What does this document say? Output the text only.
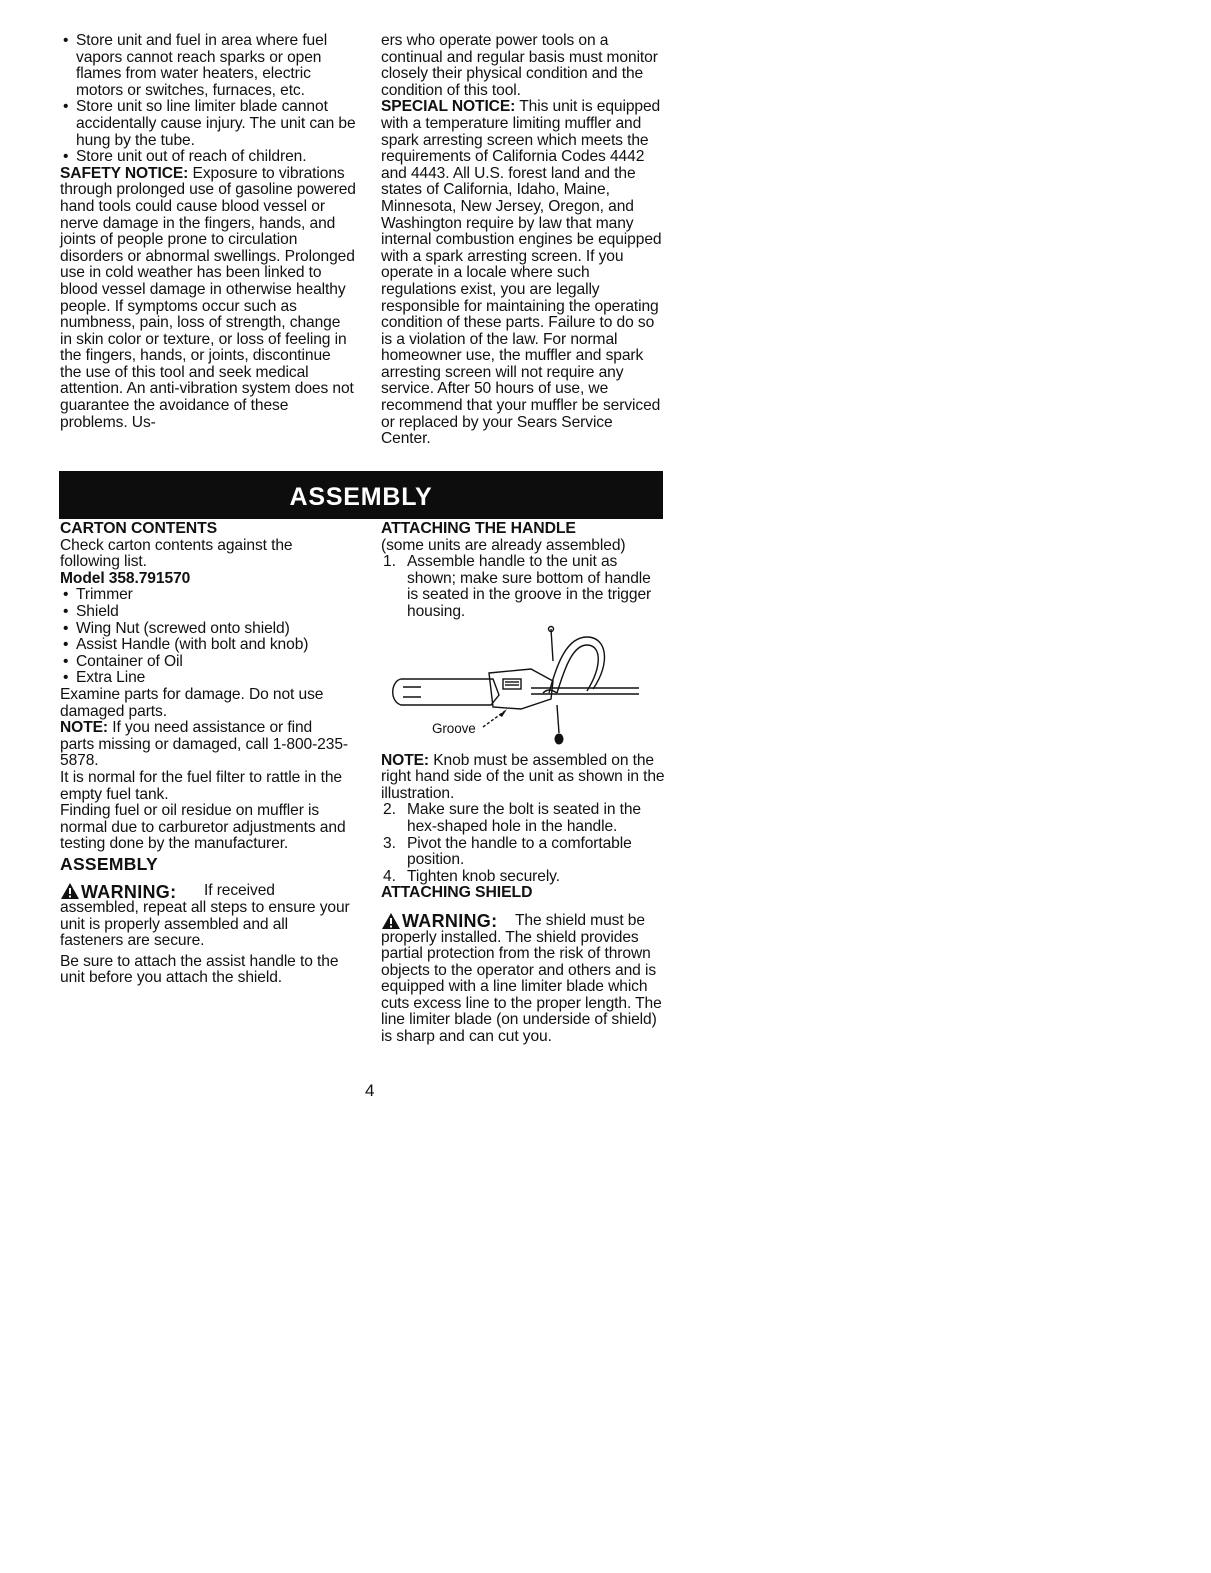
• Store unit and fuel in area where fuel vapors cannot reach sparks or open flames from water heaters, electric motors or switches, furnaces, etc.
• Store unit so line limiter blade cannot accidentally cause injury. The unit can be hung by the tube.
• Store unit out of reach of children.

SAFETY NOTICE: Exposure to vibrations through prolonged use of gasoline powered hand tools could cause blood vessel or nerve damage in the fingers, hands, and joints of people prone to circulation disorders or abnormal swellings. Prolonged use in cold weather has been linked to blood vessel damage in otherwise healthy people. If symptoms occur such as numbness, pain, loss of strength, change in skin color or texture, or loss of feeling in the fingers, hands, or joints, discontinue the use of this tool and seek medical attention. An anti-vibration system does not guarantee the avoidance of these problems. Us-

ers who operate power tools on a continual and regular basis must monitor closely their physical condition and the condition of this tool.

SPECIAL NOTICE: This unit is equipped with a temperature limiting muffler and spark arresting screen which meets the requirements of California Codes 4442 and 4443. All U.S. forest land and the states of California, Idaho, Maine, Minnesota, New Jersey, Oregon, and Washington require by law that many internal combustion engines be equipped with a spark arresting screen. If you operate in a locale where such regulations exist, you are legally responsible for maintaining the operating condition of these parts. Failure to do so is a violation of the law. For normal homeowner use, the muffler and spark arresting screen will not require any service. After 50 hours of use, we recommend that your muffler be serviced or replaced by your Sears Service Center.

ASSEMBLY

CARTON CONTENTS

Check carton contents against the following list.

Model 358.791570

• Trimmer
• Shield
• Wing Nut (screwed onto shield)
• Assist Handle (with bolt and knob)
• Container of Oil
• Extra Line

Examine parts for damage. Do not use damaged parts.

NOTE: If you need assistance or find parts missing or damaged, call 1-800-235-5878.

It is normal for the fuel filter to rattle in the empty fuel tank.

Finding fuel or oil residue on muffler is normal due to carburetor adjustments and testing done by the manufacturer.

ASSEMBLY

WARNING:	If received assembled, repeat all steps to ensure your unit is properly assembled and all fasteners are secure.

Be sure to attach the assist handle to the unit before you attach the shield.

ATTACHING THE HANDLE

(some units are already assembled)

1. Assemble handle to the unit as shown; make sure bottom of handle is seated in the groove in the trigger housing.
Groove

NOTE: Knob must be assembled on the right hand side of the unit as shown in the illustration.

2. Make sure the bolt is seated in the hex-shaped hole in the handle.
3. Pivot the handle to a comfortable position.
4. Tighten knob securely.

ATTACHING SHIELD

WARNING:	The shield must be properly installed. The shield provides partial protection from the risk of thrown objects to the operator and others and is equipped with a line limiter blade which cuts excess line to the proper length. The line limiter blade (on underside of shield) is sharp and can cut you.

4
